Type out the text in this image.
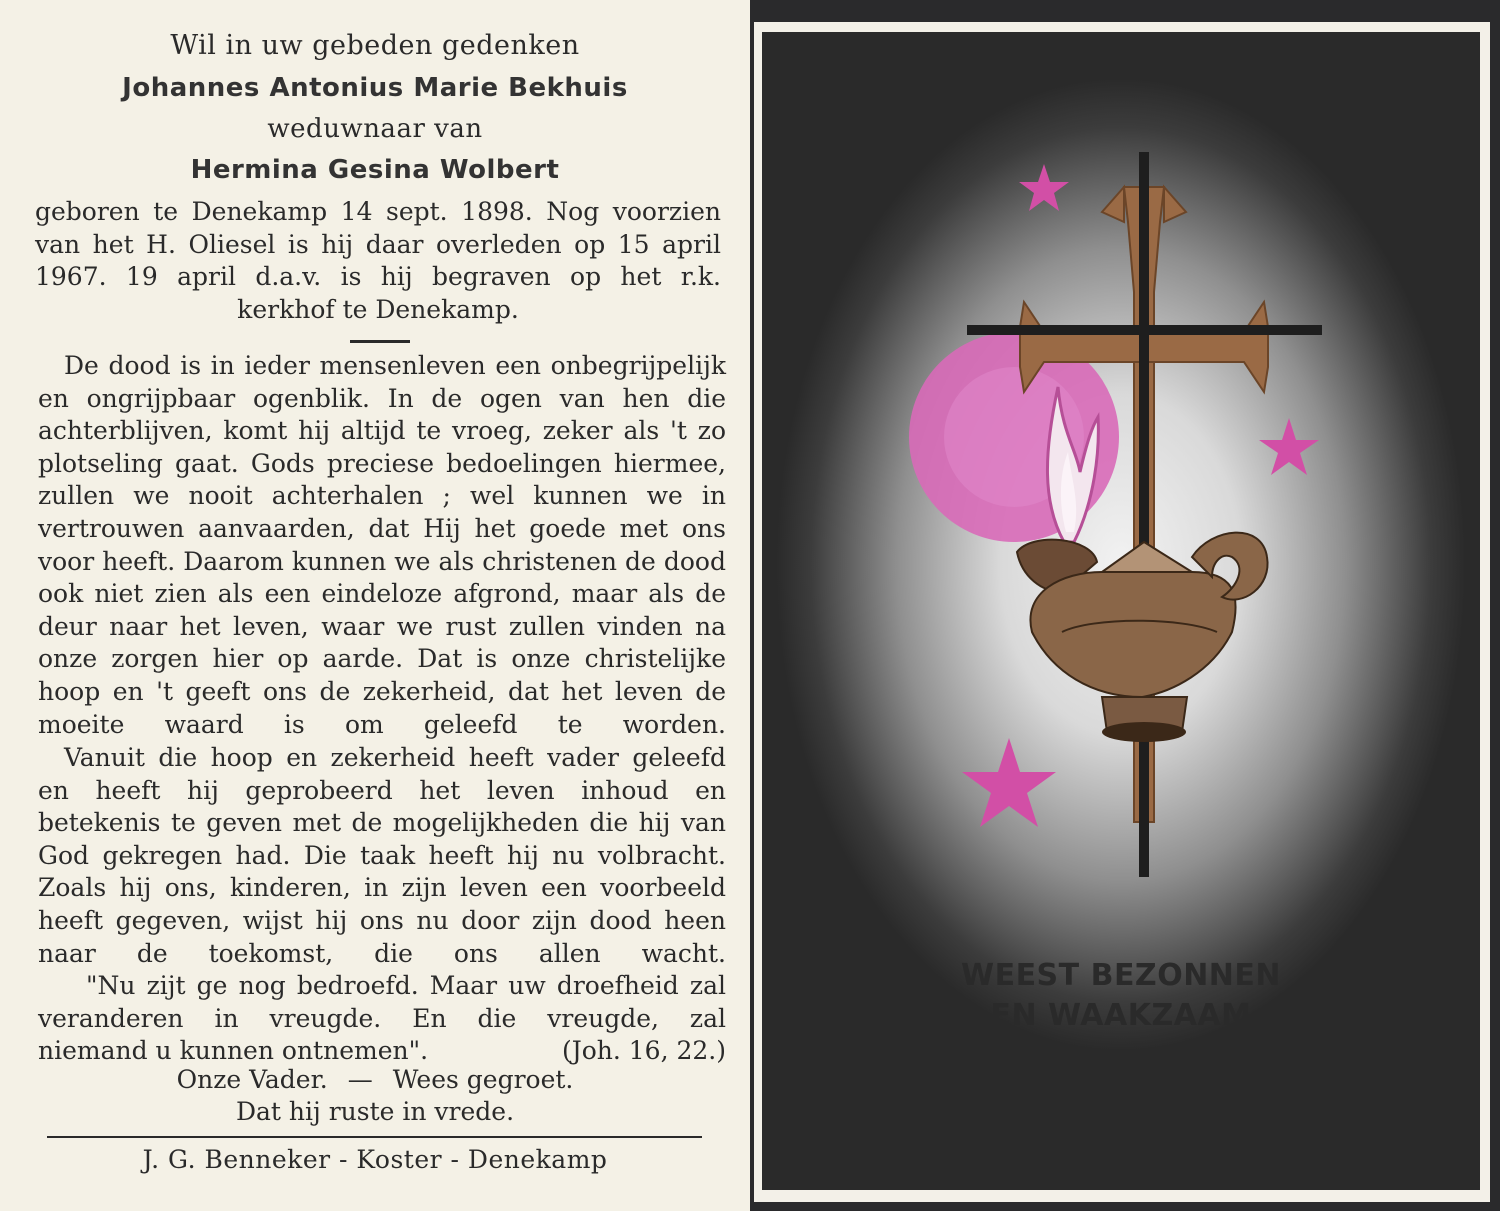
Wil in uw gebeden gedenken
Johannes Antonius Marie Bekhuis
weduwnaar van
Hermina Gesina Wolbert
geboren te Denekamp 14 sept. 1898. Nog voorzien van het H. Oliesel is hij daar overleden op 15 april 1967. 19 april d.a.v. is hij begraven op het r.k. kerkhof te Denekamp.
De dood is in ieder mensenleven een onbegrijpelijk en ongrijpbaar ogenblik. In de ogen van hen die achterblijven, komt hij altijd te vroeg, zeker als 't zo plotseling gaat. Gods preciese bedoelingen hiermee, zullen we nooit achterhalen ; wel kunnen we in vertrouwen aanvaarden, dat Hij het goede met ons voor heeft. Daarom kunnen we als christenen de dood ook niet zien als een eindeloze afgrond, maar als de deur naar het leven, waar we rust zullen vinden na onze zorgen hier op aarde. Dat is onze christelijke hoop en 't geeft ons de zekerheid, dat het leven de moeite waard is om geleefd te worden.
Vanuit die hoop en zekerheid heeft vader geleefd en heeft hij geprobeerd het leven inhoud en betekenis te geven met de mogelijkheden die hij van God gekregen had. Die taak heeft hij nu volbracht. Zoals hij ons, kinderen, in zijn leven een voorbeeld heeft gegeven, wijst hij ons nu door zijn dood heen naar de toekomst, die ons allen wacht.
"Nu zijt ge nog bedroefd. Maar uw droefheid zal veranderen in vreugde. En die vreugde, zal
niemand u kunnen ontnemen".	(Joh. 16, 22.)
Onze Vader. — Wees gegroet.
Dat hij ruste in vrede.
J. G. Benneker - Koster - Denekamp
WEEST BEZONNEN
EN WAAKZAAM
